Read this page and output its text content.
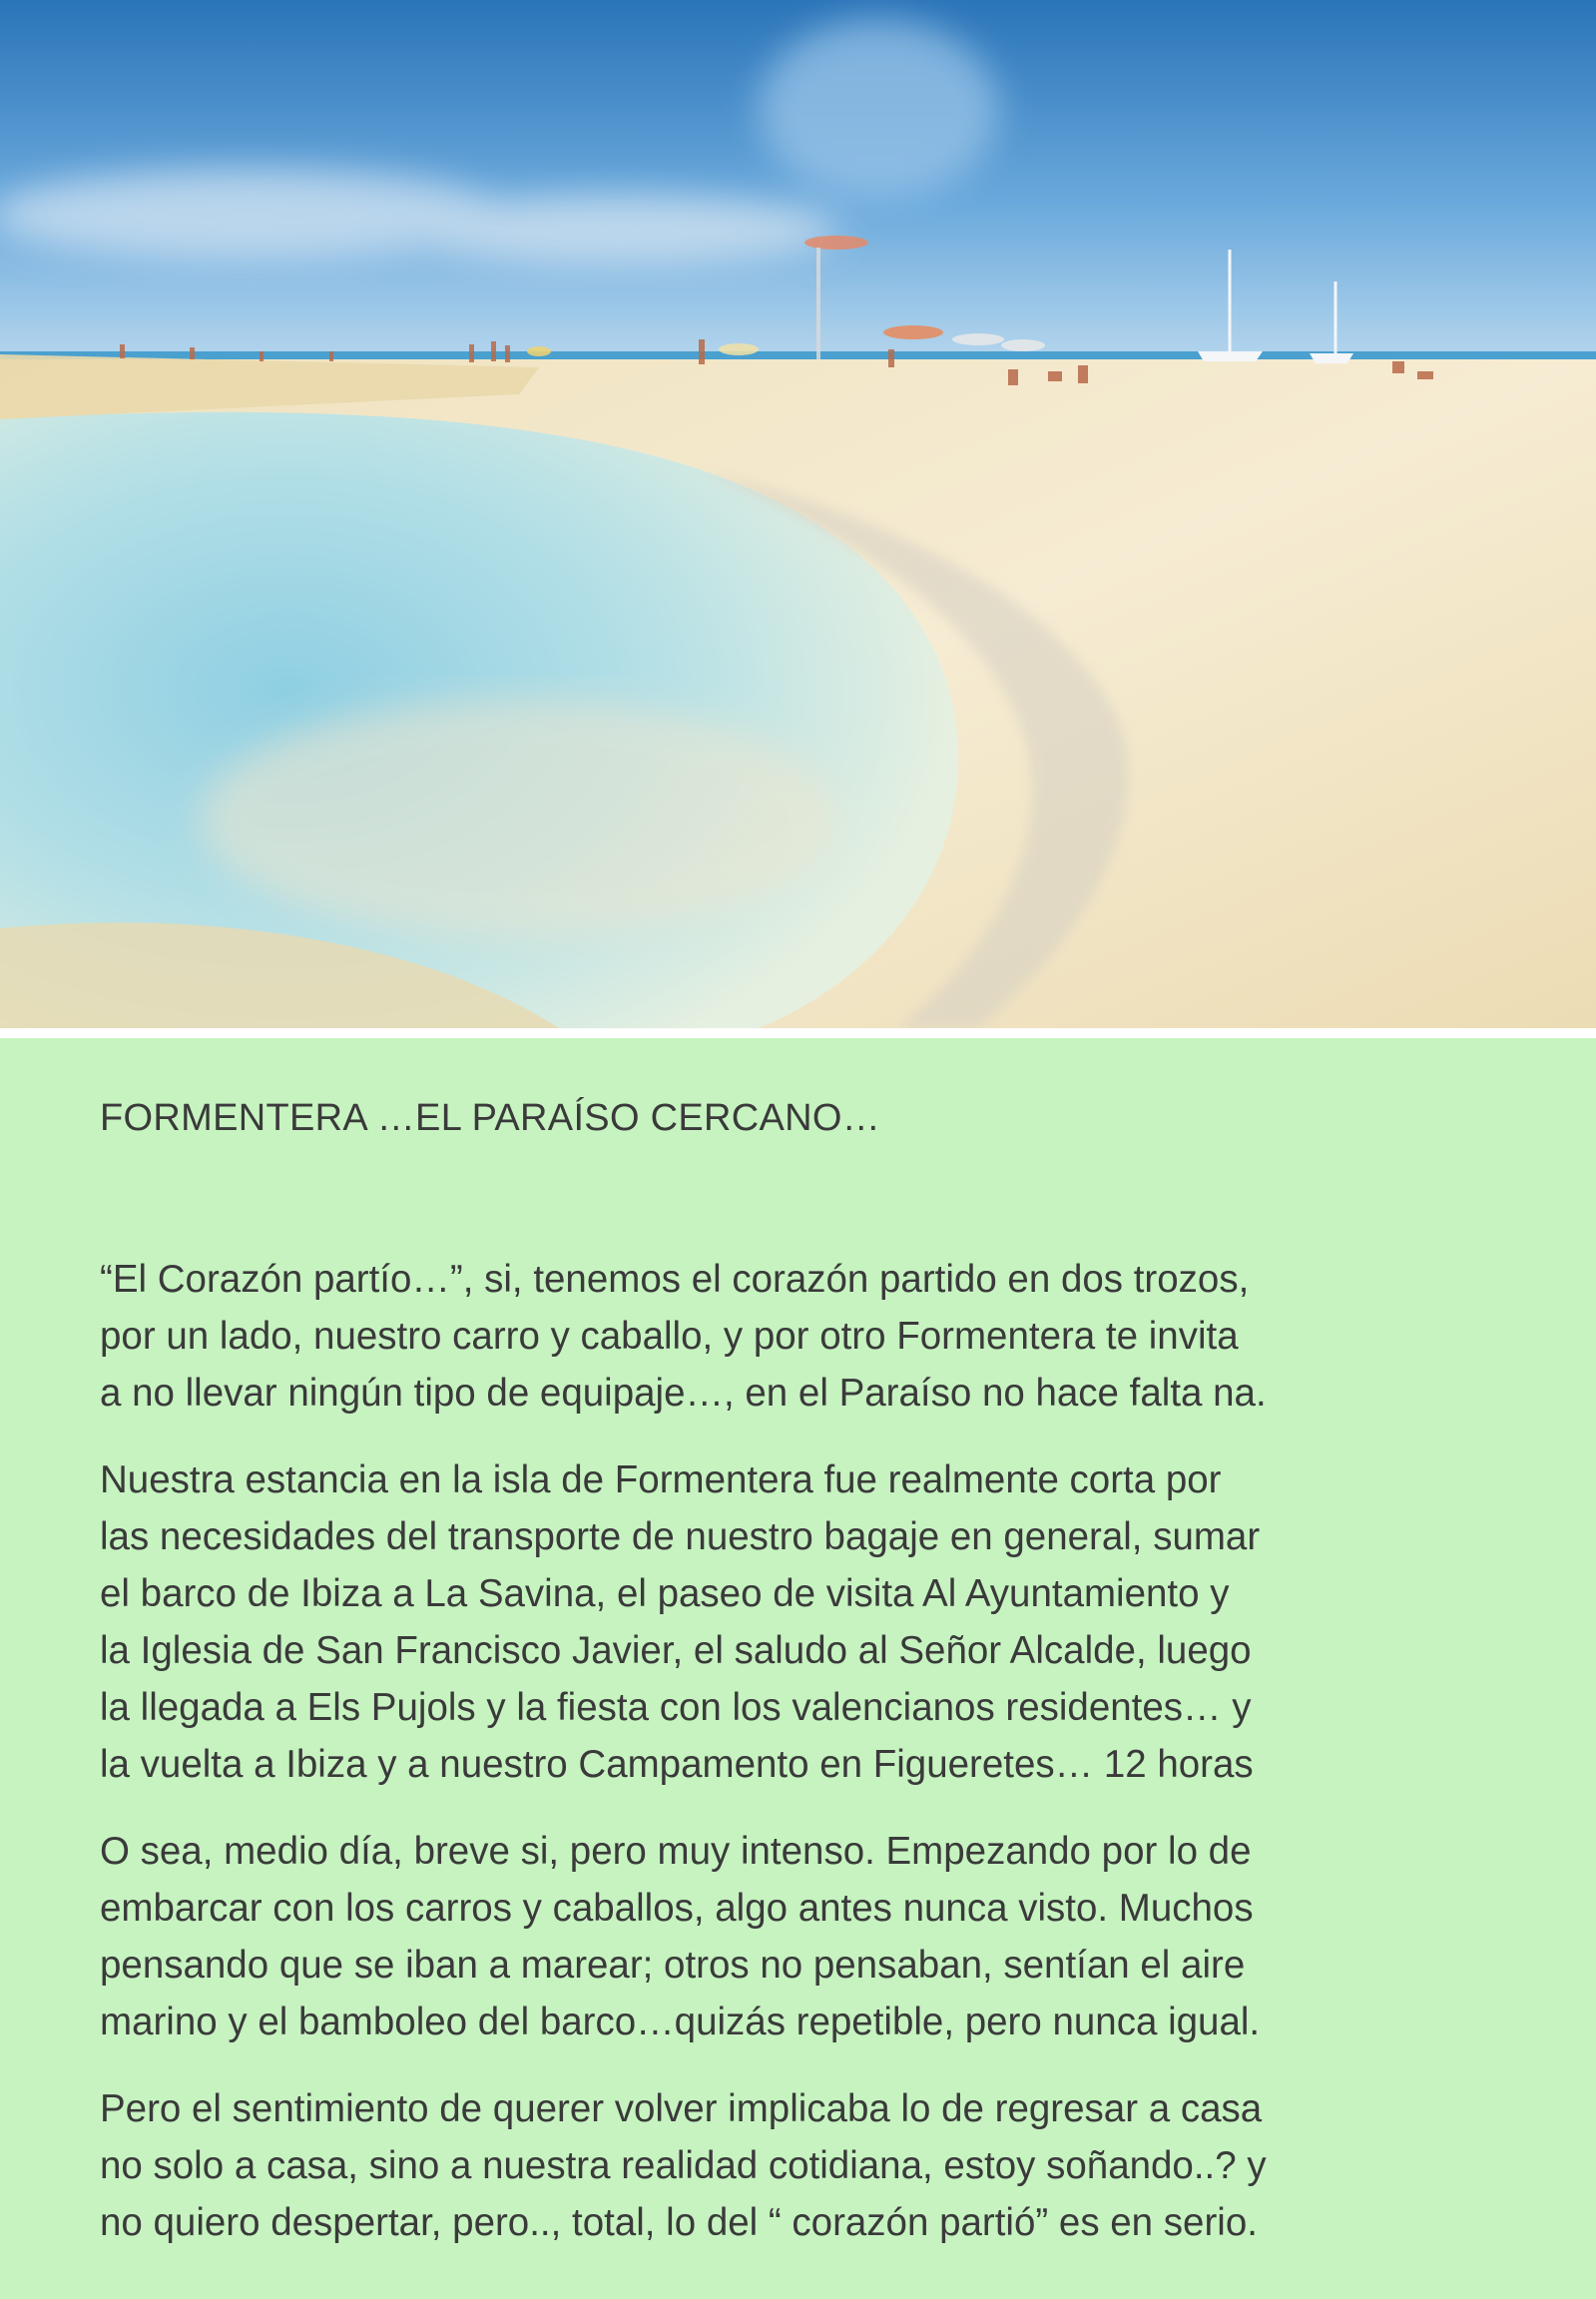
FORMENTERA …EL PARAÍSO CERCANO…

“El Corazón partío…”, si, tenemos el corazón partido en dos trozos,
por un lado, nuestro carro y caballo, y por otro Formentera te invita
a no llevar ningún tipo de equipaje…, en el Paraíso no hace falta na.

Nuestra estancia en la isla de Formentera fue realmente corta por
las necesidades del transporte de nuestro bagaje en general, sumar
el barco de Ibiza a La Savina, el paseo de visita Al Ayuntamiento y
la Iglesia de San Francisco Javier, el saludo al Señor Alcalde, luego
la llegada a Els Pujols y la fiesta con los valencianos residentes… y
la vuelta a Ibiza y a nuestro Campamento en Figueretes… 12 horas

O sea, medio día, breve si, pero muy intenso. Empezando por lo de
embarcar con los carros y caballos, algo antes nunca visto. Muchos
pensando que se iban a marear; otros no pensaban, sentían el aire
marino y el bamboleo del barco…quizás repetible, pero nunca igual.

Pero el sentimiento de querer volver implicaba lo de regresar a casa
no solo a casa, sino a nuestra realidad cotidiana, estoy soñando..? y
no quiero despertar, pero.., total, lo del “ corazón partió” es en serio.
